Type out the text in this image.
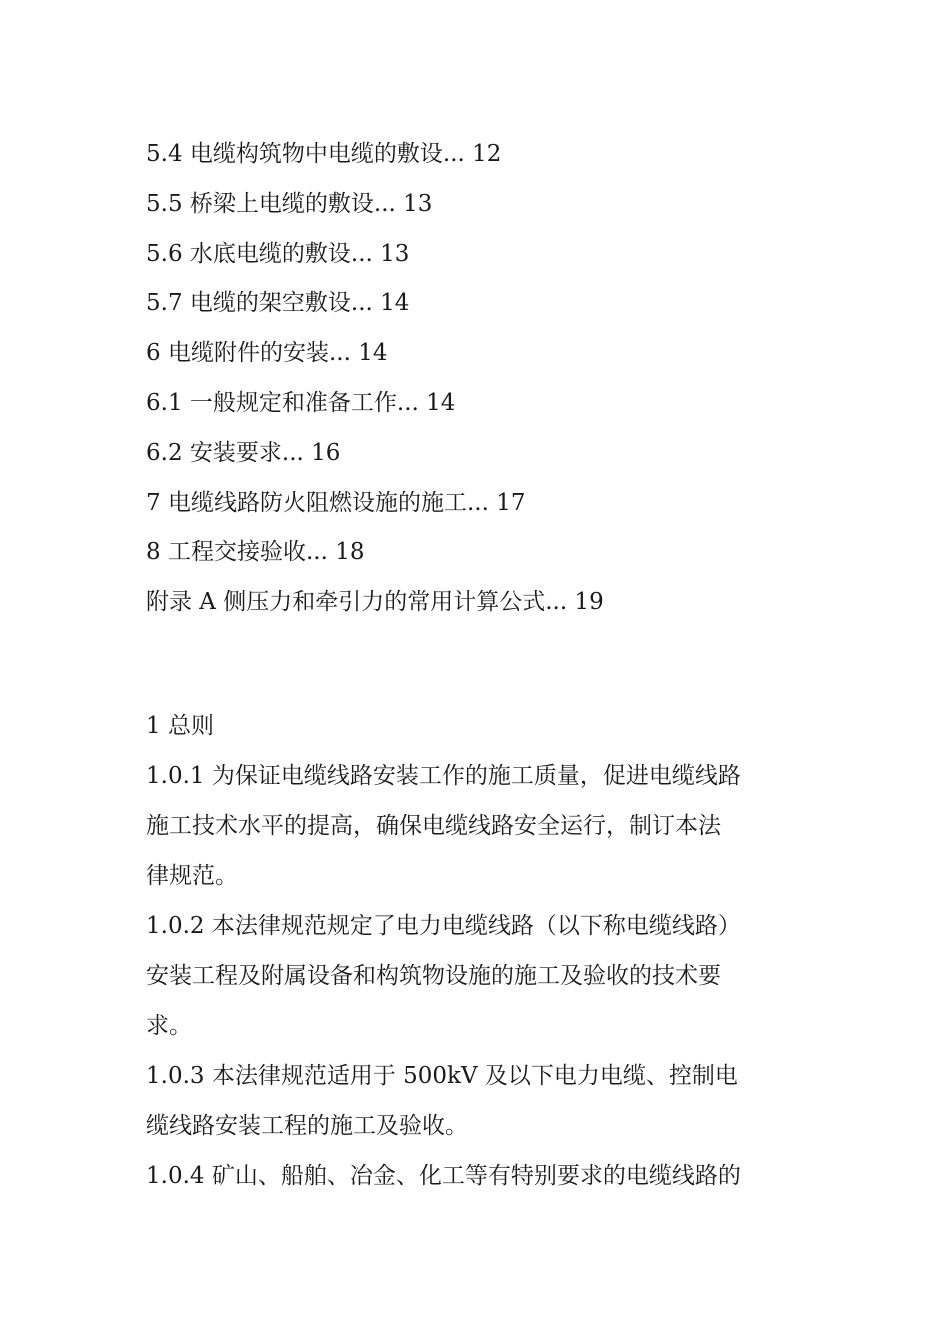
5.4 电缆构筑物中电缆的敷设... 12
5.5 桥梁上电缆的敷设... 13
5.6 水底电缆的敷设... 13
5.7 电缆的架空敷设... 14
6 电缆附件的安装... 14
6.1 一般规定和准备工作... 14
6.2 安装要求... 16
7 电缆线路防火阻燃设施的施工... 17
8 工程交接验收... 18
附录 A 侧压力和牵引力的常用计算公式... 19
1 总则
1.0.1 为保证电缆线路安装工作的施工质量，促进电缆线路
施工技术水平的提高，确保电缆线路安全运行，制订本法
律规范。
1.0.2 本法律规范规定了电力电缆线路（以下称电缆线路）
安装工程及附属设备和构筑物设施的施工及验收的技术要
求。
1.0.3 本法律规范适用于 500kV 及以下电力电缆、控制电
缆线路安装工程的施工及验收。
1.0.4 矿山、船舶、冶金、化工等有特别要求的电缆线路的
